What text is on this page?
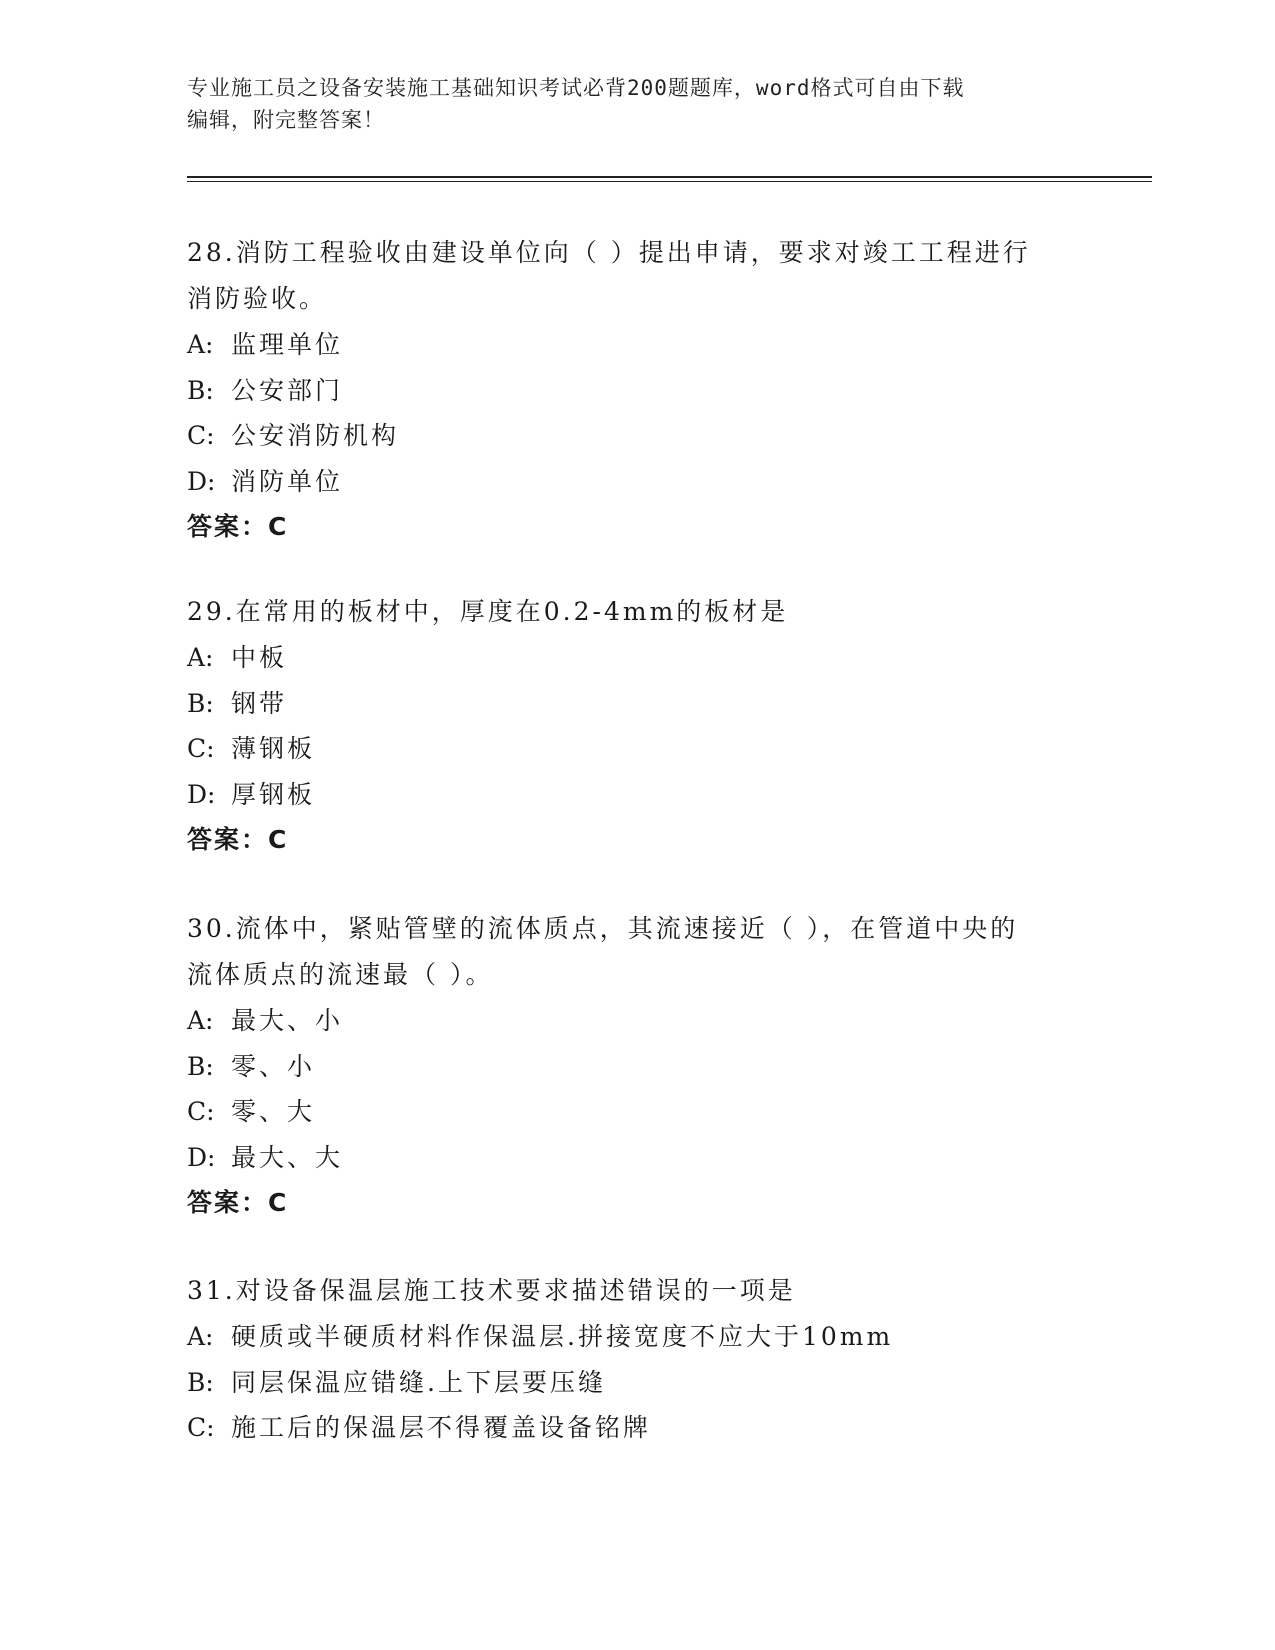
专业施工员之设备安装施工基础知识考试必背200题题库，word格式可自由下载
编辑，附完整答案！

28.消防工程验收由建设单位向（ ）提出申请，要求对竣工工程进行

消防验收。

A: 监理单位

B: 公安部门

C: 公安消防机构

D: 消防单位

答案：C

29.在常用的板材中，厚度在0.2-4mm的板材是

A: 中板

B: 钢带

C: 薄钢板

D: 厚钢板

答案：C

30.流体中，紧贴管壁的流体质点，其流速接近（ ），在管道中央的

流体质点的流速最（ ）。

A: 最大、小

B: 零、小

C: 零、大

D: 最大、大

答案：C

31.对设备保温层施工技术要求描述错误的一项是

A: 硬质或半硬质材料作保温层.拼接宽度不应大于10mm

B: 同层保温应错缝.上下层要压缝

C: 施工后的保温层不得覆盖设备铭牌
